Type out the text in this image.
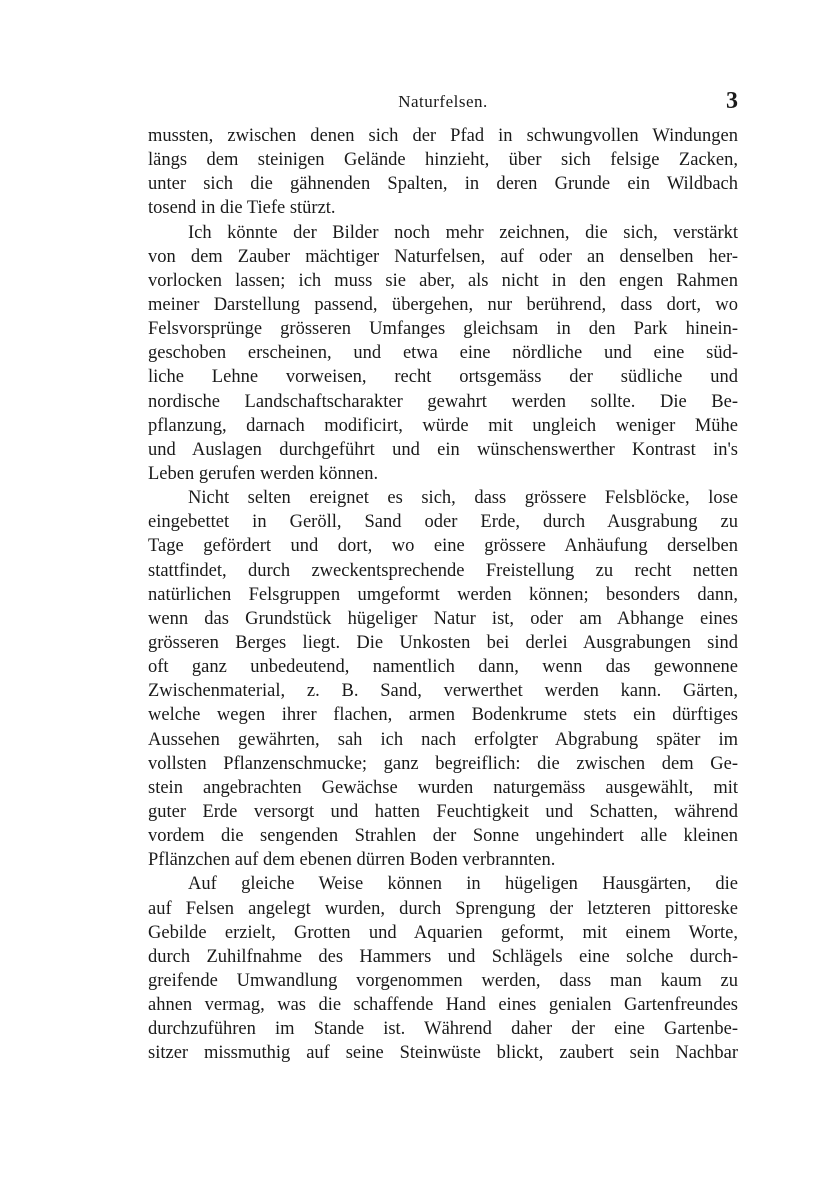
Naturfelsen.	3
mussten, zwischen denen sich der Pfad in schwungvollen Windungen
längs dem steinigen Gelände hinzieht, über sich felsige Zacken,
unter sich die gähnenden Spalten, in deren Grunde ein Wildbach
tosend in die Tiefe stürzt.
Ich könnte der Bilder noch mehr zeichnen, die sich, verstärkt
von dem Zauber mächtiger Naturfelsen, auf oder an denselben her-
vorlocken lassen; ich muss sie aber, als nicht in den engen Rahmen
meiner Darstellung passend, übergehen, nur berührend, dass dort, wo
Felsvorsprünge grösseren Umfanges gleichsam in den Park hinein-
geschoben erscheinen, und etwa eine nördliche und eine süd-
liche Lehne vorweisen, recht ortsgemäss der südliche und
nordische Landschaftscharakter gewahrt werden sollte. Die Be-
pflanzung, darnach modificirt, würde mit ungleich weniger Mühe
und Auslagen durchgeführt und ein wünschenswerther Kontrast in's
Leben gerufen werden können.
Nicht selten ereignet es sich, dass grössere Felsblöcke, lose
eingebettet in Geröll, Sand oder Erde, durch Ausgrabung zu
Tage gefördert und dort, wo eine grössere Anhäufung derselben
stattfindet, durch zweckentsprechende Freistellung zu recht netten
natürlichen Felsgruppen umgeformt werden können; besonders dann,
wenn das Grundstück hügeliger Natur ist, oder am Abhange eines
grösseren Berges liegt. Die Unkosten bei derlei Ausgrabungen sind
oft ganz unbedeutend, namentlich dann, wenn das gewonnene
Zwischenmaterial, z. B. Sand, verwerthet werden kann. Gärten,
welche wegen ihrer flachen, armen Bodenkrume stets ein dürftiges
Aussehen gewährten, sah ich nach erfolgter Abgrabung später im
vollsten Pflanzenschmucke; ganz begreiflich: die zwischen dem Ge-
stein angebrachten Gewächse wurden naturgemäss ausgewählt, mit
guter Erde versorgt und hatten Feuchtigkeit und Schatten, während
vordem die sengenden Strahlen der Sonne ungehindert alle kleinen
Pflänzchen auf dem ebenen dürren Boden verbrannten.
Auf gleiche Weise können in hügeligen Hausgärten, die
auf Felsen angelegt wurden, durch Sprengung der letzteren pittoreske
Gebilde erzielt, Grotten und Aquarien geformt, mit einem Worte,
durch Zuhilfnahme des Hammers und Schlägels eine solche durch-
greifende Umwandlung vorgenommen werden, dass man kaum zu
ahnen vermag, was die schaffende Hand eines genialen Gartenfreundes
durchzuführen im Stande ist. Während daher der eine Gartenbe-
sitzer missmuthig auf seine Steinwüste blickt, zaubert sein Nachbar
